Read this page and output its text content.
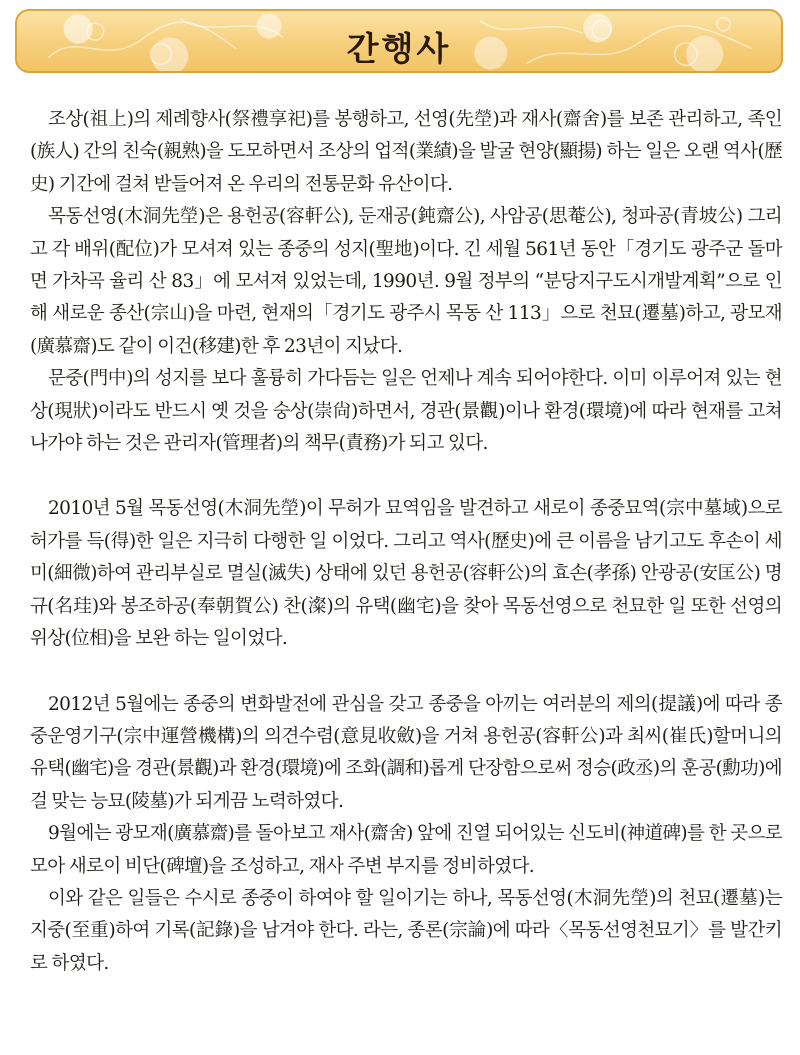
간행사

조상(祖上)의 제례향사(祭禮享祀)를 봉행하고, 선영(先塋)과 재사(齋舍)를 보존 관리하고, 족인(族人) 간의 친숙(親熟)을 도모하면서 조상의 업적(業績)을 발굴 현양(顯揚) 하는 일은 오랜 역사(歷史) 기간에 걸쳐 받들어져 온 우리의 전통문화 유산이다.

목동선영(木洞先塋)은 용헌공(容軒公), 둔재공(鈍齋公), 사암공(思菴公), 청파공(青坡公) 그리고 각 배위(配位)가 모셔져 있는 종중의 성지(聖地)이다. 긴 세월 561년 동안「경기도 광주군 돌마면 가차곡 율리 산 83」에 모셔져 있었는데, 1990년. 9월 정부의 “분당지구도시개발계획”으로 인해 새로운 종산(宗山)을 마련, 현재의「경기도 광주시 목동 산 113」으로 천묘(遷墓)하고, 광모재(廣慕齋)도 같이 이건(移建)한 후 23년이 지났다.

문중(門中)의 성지를 보다 훌륭히 가다듬는 일은 언제나 계속 되어야한다. 이미 이루어져 있는 현상(現狀)이라도 반드시 옛 것을 숭상(崇尙)하면서, 경관(景觀)이나 환경(環境)에 따라 현재를 고쳐나가야 하는 것은 관리자(管理者)의 책무(責務)가 되고 있다.

2010년 5월 목동선영(木洞先塋)이 무허가 묘역임을 발견하고 새로이 종중묘역(宗中墓域)으로 허가를 득(得)한 일은 지극히 다행한 일 이었다. 그리고 역사(歷史)에 큰 이름을 남기고도 후손이 세미(細微)하여 관리부실로 멸실(滅失) 상태에 있던 용헌공(容軒公)의 효손(孝孫) 안광공(安匡公) 명규(名珪)와 봉조하공(奉朝賀公) 찬(澯)의 유택(幽宅)을 찾아 목동선영으로 천묘한 일 또한 선영의 위상(位相)을 보완 하는 일이었다.

2012년 5월에는 종중의 변화발전에 관심을 갖고 종중을 아끼는 여러분의 제의(提議)에 따라 종중운영기구(宗中運營機構)의 의견수렴(意見收斂)을 거쳐 용헌공(容軒公)과 최씨(崔氏)할머니의 유택(幽宅)을 경관(景觀)과 환경(環境)에 조화(調和)롭게 단장함으로써 정승(政丞)의 훈공(勳功)에 걸 맞는 능묘(陵墓)가 되게끔 노력하였다.

9월에는 광모재(廣慕齋)를 돌아보고 재사(齋舍) 앞에 진열 되어있는 신도비(神道碑)를 한 곳으로 모아 새로이 비단(碑壇)을 조성하고, 재사 주변 부지를 정비하였다.

이와 같은 일들은 수시로 종중이 하여야 할 일이기는 하나, 목동선영(木洞先塋)의 천묘(遷墓)는 지중(至重)하여 기록(記錄)을 남겨야 한다. 라는, 종론(宗論)에 따라〈목동선영천묘기〉를 발간키로 하였다.
